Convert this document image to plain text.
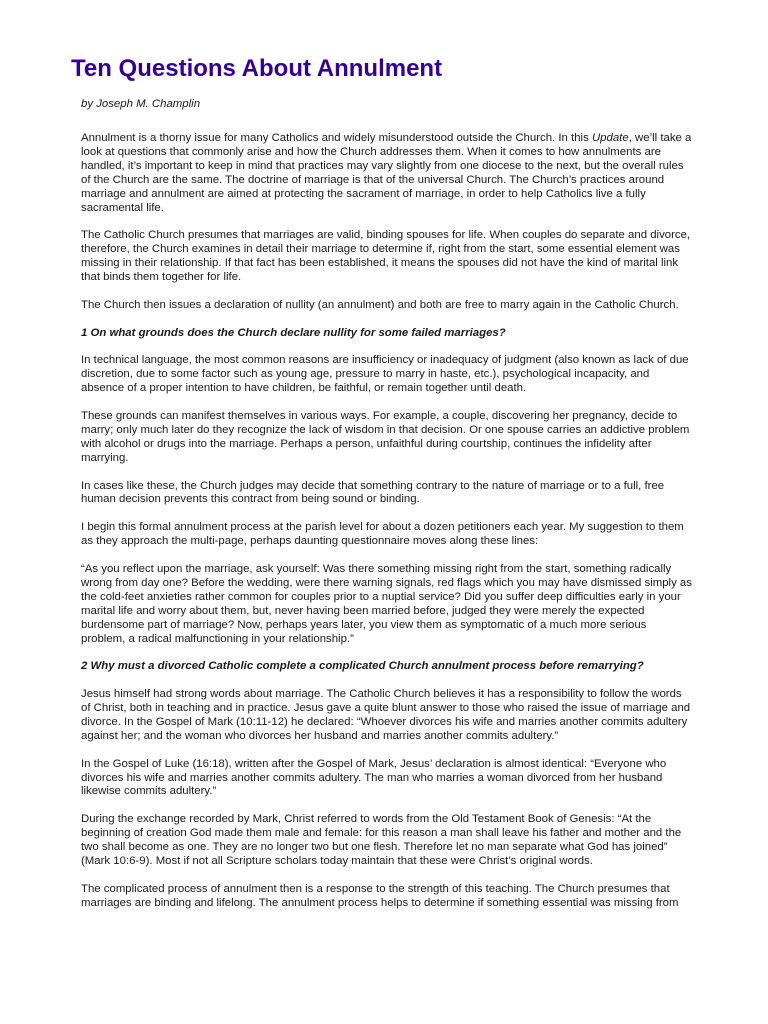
Ten Questions About Annulment

by Joseph M. Champlin

Annulment is a thorny issue for many Catholics and widely misunderstood outside the Church. In this Update, we’ll take a look at questions that commonly arise and how the Church addresses them. When it comes to how annulments are handled, it’s important to keep in mind that practices may vary slightly from one diocese to the next, but the overall rules of the Church are the same. The doctrine of marriage is that of the universal Church. The Church’s practices around marriage and annulment are aimed at protecting the sacrament of marriage, in order to help Catholics live a fully sacramental life.

The Catholic Church presumes that marriages are valid, binding spouses for life. When couples do separate and divorce, therefore, the Church examines in detail their marriage to determine if, right from the start, some essential element was missing in their relationship. If that fact has been established, it means the spouses did not have the kind of marital link that binds them together for life.

The Church then issues a declaration of nullity (an annulment) and both are free to marry again in the Catholic Church.

1 On what grounds does the Church declare nullity for some failed marriages?

In technical language, the most common reasons are insufficiency or inadequacy of judgment (also known as lack of due discretion, due to some factor such as young age, pressure to marry in haste, etc.), psychological incapacity, and absence of a proper intention to have children, be faithful, or remain together until death.

These grounds can manifest themselves in various ways. For example, a couple, discovering her pregnancy, decide to marry; only much later do they recognize the lack of wisdom in that decision. Or one spouse carries an addictive problem with alcohol or drugs into the marriage. Perhaps a person, unfaithful during courtship, continues the infidelity after marrying.

In cases like these, the Church judges may decide that something contrary to the nature of marriage or to a full, free human decision prevents this contract from being sound or binding.

I begin this formal annulment process at the parish level for about a dozen petitioners each year. My suggestion to them as they approach the multi-page, perhaps daunting questionnaire moves along these lines:

“As you reflect upon the marriage, ask yourself: Was there something missing right from the start, something radically wrong from day one? Before the wedding, were there warning signals, red flags which you may have dismissed simply as the cold-feet anxieties rather common for couples prior to a nuptial service? Did you suffer deep difficulties early in your marital life and worry about them, but, never having been married before, judged they were merely the expected burdensome part of marriage? Now, perhaps years later, you view them as symptomatic of a much more serious problem, a radical malfunctioning in your relationship.”

2 Why must a divorced Catholic complete a complicated Church annulment process before remarrying?

Jesus himself had strong words about marriage. The Catholic Church believes it has a responsibility to follow the words of Christ, both in teaching and in practice. Jesus gave a quite blunt answer to those who raised the issue of marriage and divorce. In the Gospel of Mark (10:11-12) he declared: “Whoever divorces his wife and marries another commits adultery against her; and the woman who divorces her husband and marries another commits adultery.”

In the Gospel of Luke (16:18), written after the Gospel of Mark, Jesus’ declaration is almost identical: “Everyone who divorces his wife and marries another commits adultery. The man who marries a woman divorced from her husband likewise commits adultery.”

During the exchange recorded by Mark, Christ referred to words from the Old Testament Book of Genesis: “At the beginning of creation God made them male and female: for this reason a man shall leave his father and mother and the two shall become as one. They are no longer two but one flesh. Therefore let no man separate what God has joined” (Mark 10:6-9). Most if not all Scripture scholars today maintain that these were Christ’s original words.

The complicated process of annulment then is a response to the strength of this teaching. The Church presumes that marriages are binding and lifelong. The annulment process helps to determine if something essential was missing from
